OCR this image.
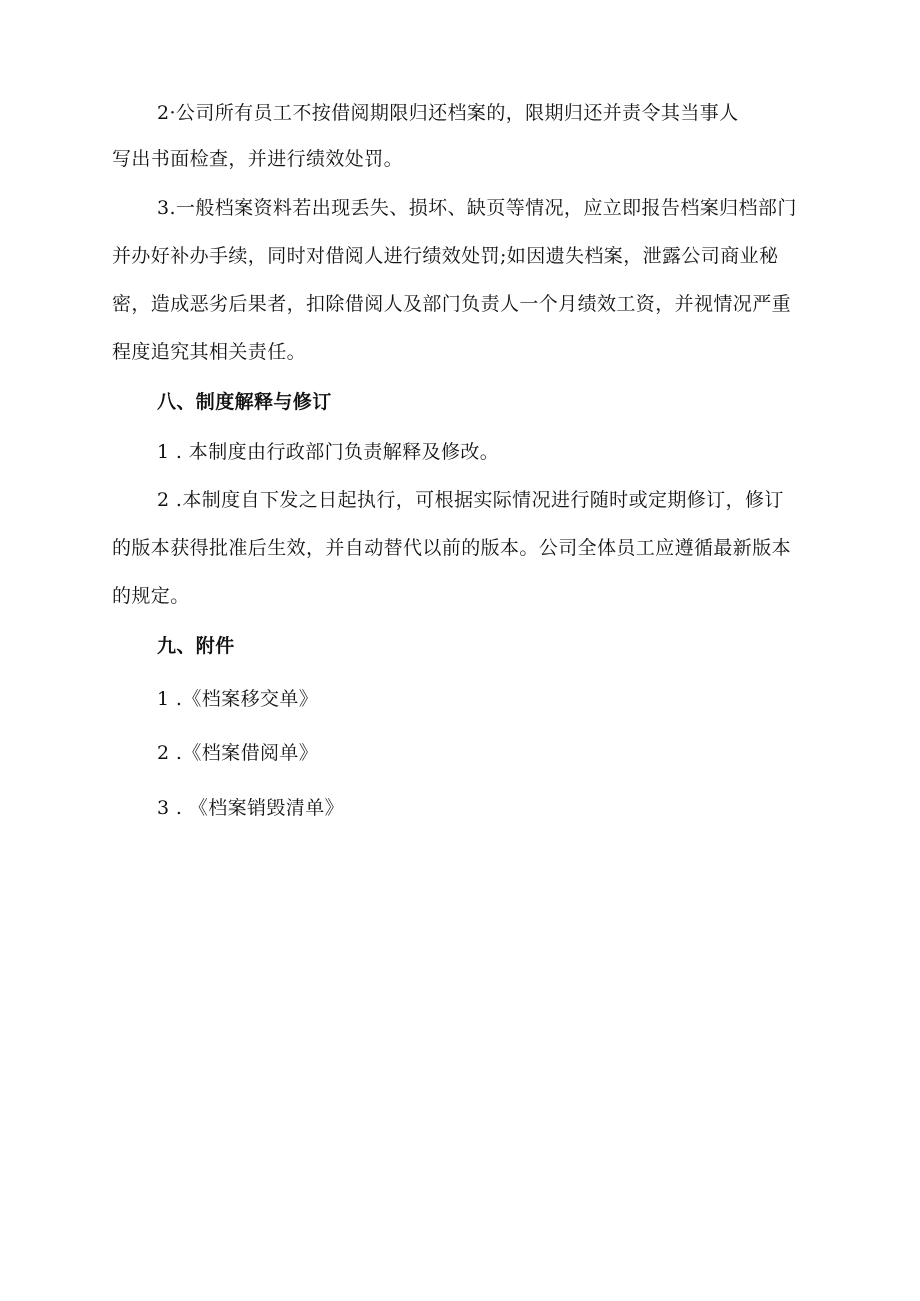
2·公司所有员工不按借阅期限归还档案的，限期归还并责令其当事人
写出书面检查，并进行绩效处罚。
3.一般档案资料若出现丢失、损坏、缺页等情况，应立即报告档案归档部门
并办好补办手续，同时对借阅人进行绩效处罚;如因遗失档案，泄露公司商业秘
密，造成恶劣后果者，扣除借阅人及部门负责人一个月绩效工资，并视情况严重
程度追究其相关责任。
八、制度解释与修订
1 . 本制度由行政部门负责解释及修改。
2 .本制度自下发之日起执行，可根据实际情况进行随时或定期修订，修订
的版本获得批准后生效，并自动替代以前的版本。公司全体员工应遵循最新版本
的规定。
九、附件
1 .《档案移交单》
2 .《档案借阅单》
3 . 《档案销毁清单》
